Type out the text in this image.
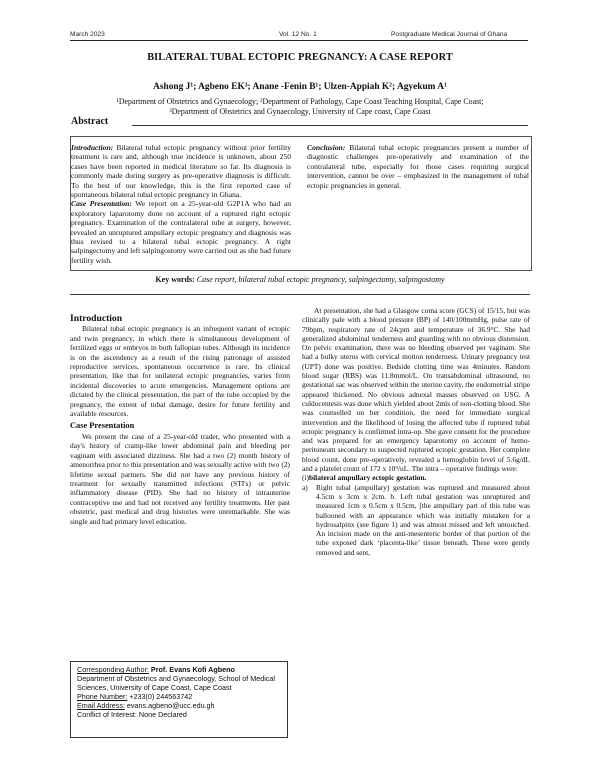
March 2023	Vol. 12 No. 1	Postgraduate Medical Journal of Ghana
BILATERAL TUBAL ECTOPIC PREGNANCY: A CASE REPORT
Ashong J¹; Agbeno EK³; Anane -Fenin B¹; Ulzen-Appiah K²; Agyekum A¹
¹Department of Obstetrics and Gynaecology; ²Department of Pathology, Cape Coast Teaching Hospital, Cape Coast;
³Department of Obstetrics and Gynaecology, University of Cape coast, Cape Coast
Abstract

Introduction: Bilateral tubal ectopic pregnancy without prior fertility treatment is rare and, although true incidence is unknown, about 250 cases have been reported in medical literature so far. Its diagnosis is commonly made during surgery as pre-operative diagnosis is difficult. To the best of our knowledge, this is the first reported case of spontaneous bilateral tubal ectopic pregnancy in Ghana.

Case Presentation: We report on a 25-year-old G2P1A who had an exploratory laparotomy done on account of a ruptured right ectopic pregnancy. Examination of the contralateral tube at surgery, however, revealed an unruptured ampullary ectopic pregnancy and diagnosis was thus revised to a bilateral tubal ectopic pregnancy. A right salpingectomy and left salpingostomy were carried out as she had future fertility wish.

Conclusion: Bilateral tubal ectopic pregnancies present a number of diagnostic challenges pre-operatively and examination of the contralateral tube, especially for those cases requiring surgical intervention, cannot be over – emphasized in the management of tubal ectopic pregnancies in general.

Key words: Case report, bilateral tubal ectopic pregnancy, salpingectomy, salpingostomy
Introduction

Bilateral tubal ectopic pregnancy is an infrequent variant of ectopic and twin pregnancy, in which there is simultaneous development of fertilized eggs or embryos in both fallopian tubes. Although its incidence is on the ascendency as a result of the rising patronage of assisted reproductive services, spontaneous occurrence is rare. Its clinical presentation, like that for unilateral ectopic pregnancies, varies from incidental discoveries to acute emergencies. Management options are dictated by the clinical presentation, the part of the tube occupied by the pregnancy, the extent of tubal damage, desire for future fertility and available resources.

Case Presentation

We present the case of a 25-year-old trader, who presented with a day's history of cramp-like lower abdominal pain and bleeding per vaginam with associated dizziness. She had a two (2) month history of amenorrhea prior to this presentation and was sexually active with two (2) lifetime sexual partners. She did not have any previous history of treatment for sexually transmitted infections (STI's) or pelvic inflammatory disease (PID). She had no history of intrauterine contraceptive use and had not received any fertility treatments. Her past obstetric, past medical and drug histories were unremarkable. She was single and had primary level education.

Corresponding Author: Prof. Evans Kofi Agbeno
Department of Obstetrics and Gynaecology, School of Medical Sciences, University of Cape Coast, Cape Coast
Phone Number: +233(0) 244563742
Email Address: evans.agbeno@ucc.edu.gh
Conflict of Interest: None Declared

At presentation, she had a Glasgow coma score (GCS) of 15/15, but was clinically pale with a blood pressure (BP) of 140/100mmHg, pulse rate of 79bpm, respiratory rate of 24cpm and temperature of 36.9°C. She had generalized abdominal tenderness and guarding with no obvious distension. On pelvic examination, there was no bleeding observed per vaginam. She had a bulky uterus with cervical motion tenderness. Urinary pregnancy test (UPT) done was positive. Bedside clotting time was 4minutes. Random blood sugar (RBS) was 11.8mmol/L. On transabdominal ultrasound, no gestational sac was observed within the uterine cavity, the endometrial stripe appeared thickened. No obvious adnexal masses observed on USG. A culdocentesis was done which yielded about 2mls of non-clotting blood. She was counselled on her condition, the need for immediate surgical intervention and the likelihood of losing the affected tube if ruptured tubal ectopic pregnancy is confirmed intra-op. She gave consent for the procedure and was prepared for an emergency laparotomy on account of hemo-peritoneum secondary to suspected ruptured ectopic gestation. Her complete blood count, done pre-operatively, revealed a hemoglobin level of 5.6g/dL and a platelet count of 172 x 10⁹/uL. The intra – operative findings were:

(i)bilateral ampullary ectopic gestation.
a)	Right tubal (ampullary) gestation was ruptured and measured about 4.5cm x 3cm x 2cm. b. Left tubal gestation was unruptured and measured 1cm x 0.5cm x 0.5cm, [the ampullary part of this tube was ballooned with an appearance which was initially mistaken for a hydrosalpinx (see figure 1) and was almost missed and left untouched. An incision made on the anti-mesenteric border of that portion of the tube exposed dark ‘placenta-like’ tissue beneath. These were gently removed and sent,
